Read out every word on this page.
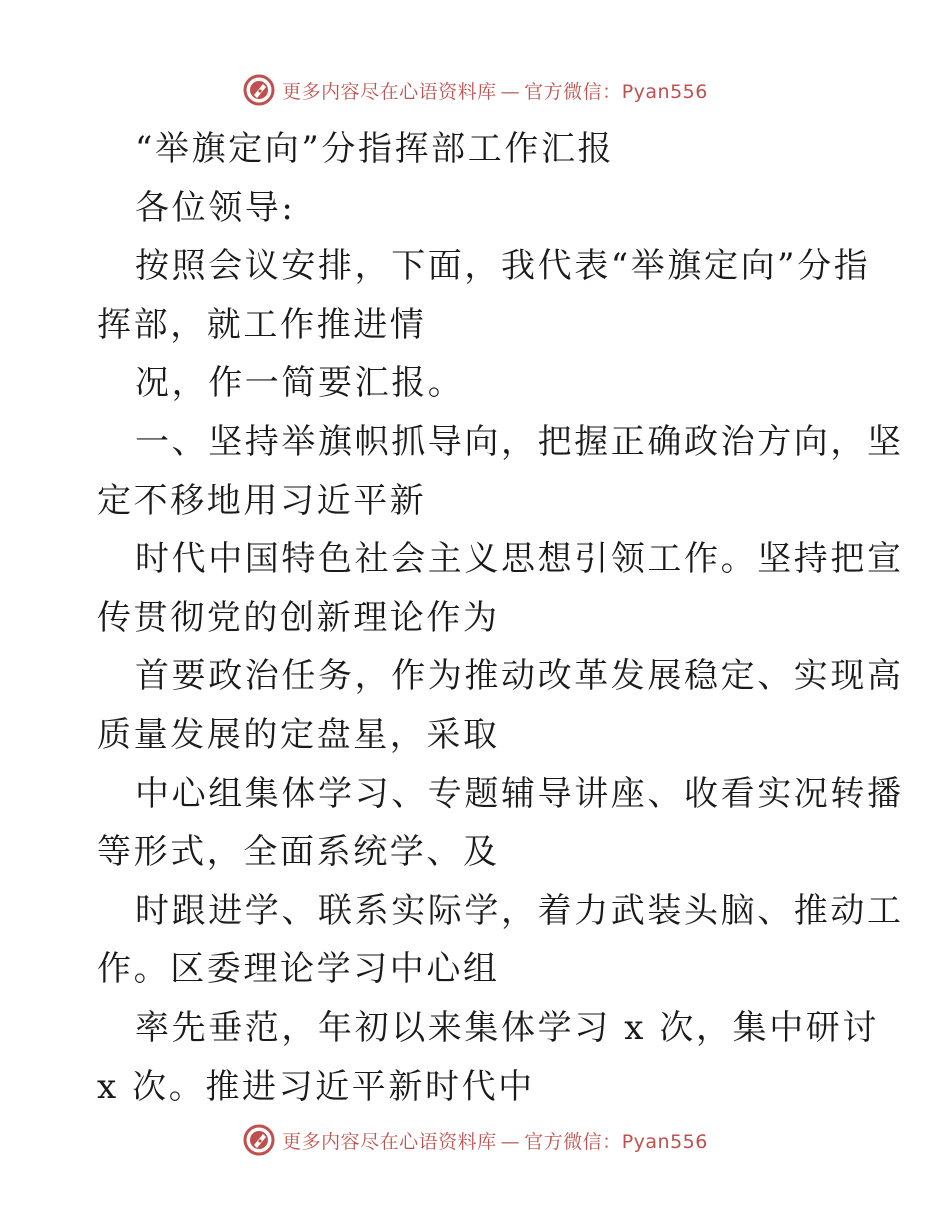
更多内容尽在心语资料库 — 官方微信：Pyan556
“举旗定向”分指挥部工作汇报
各位领导:
按照会议安排，下面，我代表“举旗定向”分指
挥部，就工作推进情
况，作一简要汇报。
一、坚持举旗帜抓导向，把握正确政治方向，坚
定不移地用习近平新
时代中国特色社会主义思想引领工作。坚持把宣
传贯彻党的创新理论作为
首要政治任务，作为推动改革发展稳定、实现高
质量发展的定盘星，采取
中心组集体学习、专题辅导讲座、收看实况转播
等形式，全面系统学、及
时跟进学、联系实际学，着力武装头脑、推动工
作。区委理论学习中心组
率先垂范，年初以来集体学习 x 次，集中研讨
x 次。推进习近平新时代中
更多内容尽在心语资料库 — 官方微信：Pyan556
